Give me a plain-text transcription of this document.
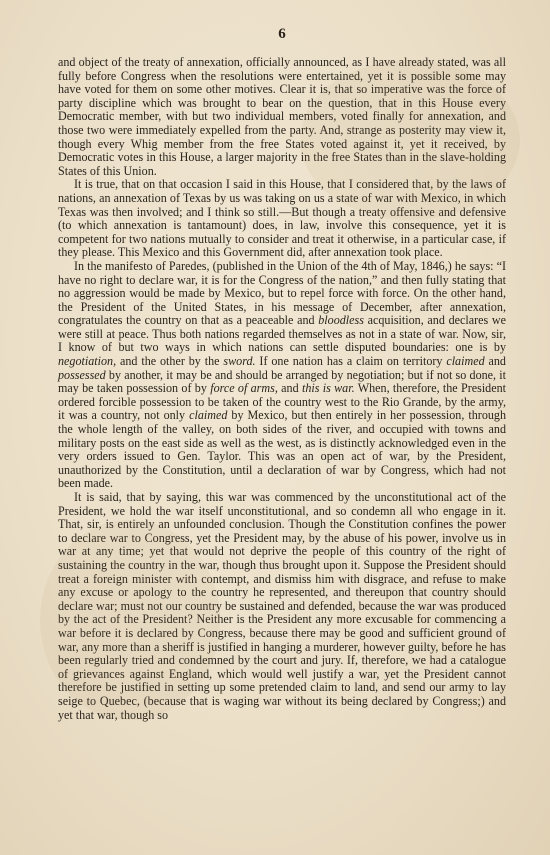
6

and object of the treaty of annexation, officially announced, as I have already stated, was all fully before Congress when the resolutions were entertained, yet it is possible some may have voted for them on some other motives. Clear it is, that so imperative was the force of party discipline which was brought to bear on the question, that in this House every Democratic member, with but two individual members, voted finally for annexation, and those two were immediately expelled from the party. And, strange as posterity may view it, though every Whig member from the free States voted against it, yet it received, by Democratic votes in this House, a larger majority in the free States than in the slave-holding States of this Union.

It is true, that on that occasion I said in this House, that I considered that, by the laws of nations, an annexation of Texas by us was taking on us a state of war with Mexico, in which Texas was then involved; and I think so still.—But though a treaty offensive and defensive (to which annexation is tantamount) does, in law, involve this consequence, yet it is competent for two nations mutually to consider and treat it otherwise, in a particular case, if they please. This Mexico and this Government did, after annexation took place.

In the manifesto of Paredes, (published in the Union of the 4th of May, 1846,) he says: “I have no right to declare war, it is for the Congress of the nation,” and then fully stating that no aggression would be made by Mexico, but to repel force with force. On the other hand, the President of the United States, in his message of December, after annexation, congratulates the country on that as a peaceable and bloodless acquisition, and declares we were still at peace. Thus both nations regarded themselves as not in a state of war. Now, sir, I know of but two ways in which nations can settle disputed boundaries: one is by negotiation, and the other by the sword. If one nation has a claim on territory claimed and possessed by another, it may be and should be arranged by negotiation; but if not so done, it may be taken possession of by force of arms, and this is war. When, therefore, the President ordered forcible possession to be taken of the country west to the Rio Grande, by the army, it was a country, not only claimed by Mexico, but then entirely in her possession, through the whole length of the valley, on both sides of the river, and occupied with towns and military posts on the east side as well as the west, as is distinctly acknowledged even in the very orders issued to Gen. Taylor. This was an open act of war, by the President, unauthorized by the Constitution, until a declaration of war by Congress, which had not been made.

It is said, that by saying, this war was commenced by the unconstitutional act of the President, we hold the war itself unconstitutional, and so condemn all who engage in it. That, sir, is entirely an unfounded conclusion. Though the Constitution confines the power to declare war to Congress, yet the President may, by the abuse of his power, involve us in war at any time; yet that would not deprive the people of this country of the right of sustaining the country in the war, though thus brought upon it. Suppose the President should treat a foreign minister with contempt, and dismiss him with disgrace, and refuse to make any excuse or apology to the country he represented, and thereupon that country should declare war; must not our country be sustained and defended, because the war was produced by the act of the President? Neither is the President any more excusable for commencing a war before it is declared by Congress, because there may be good and sufficient ground of war, any more than a sheriff is justified in hanging a murderer, however guilty, before he has been regularly tried and condemned by the court and jury. If, therefore, we had a catalogue of grievances against England, which would well justify a war, yet the President cannot therefore be justified in setting up some pretended claim to land, and send our army to lay seige to Quebec, (because that is waging war without its being declared by Congress;) and yet that war, though so
